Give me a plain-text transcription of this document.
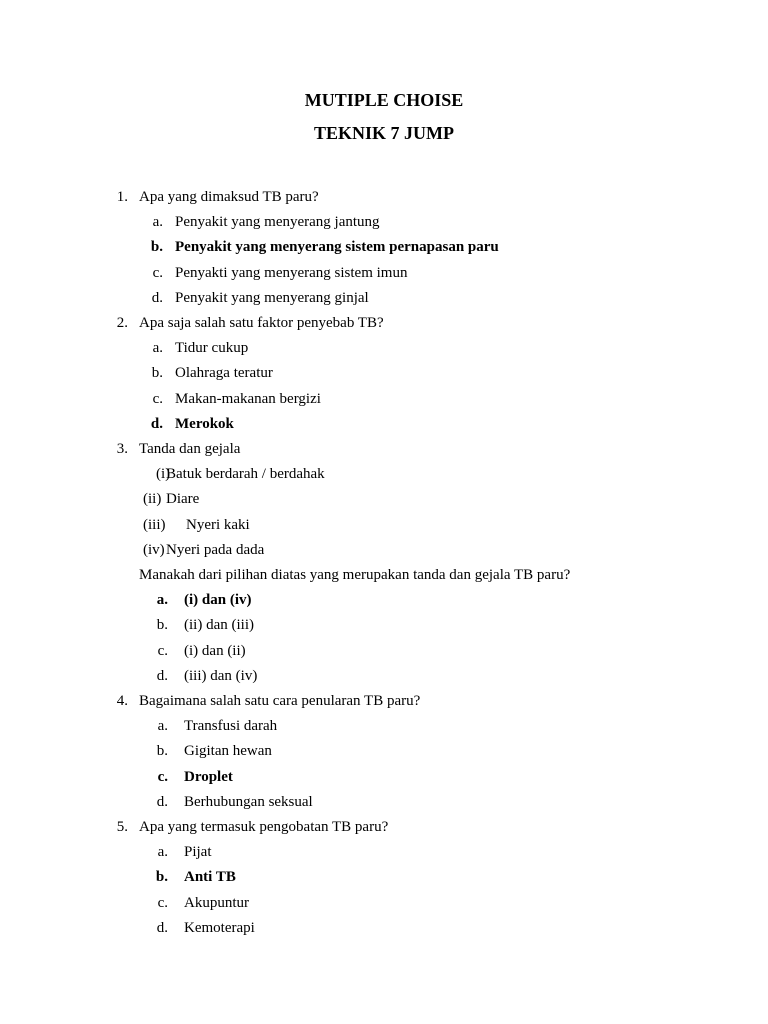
MUTIPLE CHOISE
TEKNIK 7 JUMP
1. Apa yang dimaksud TB paru?
a. Penyakit yang menyerang jantung
b. Penyakit yang menyerang sistem pernapasan paru
c. Penyakti yang menyerang sistem imun
d. Penyakit yang menyerang ginjal
2. Apa saja salah satu faktor penyebab TB?
a. Tidur cukup
b. Olahraga teratur
c. Makan-makanan bergizi
d. Merokok
3. Tanda dan gejala
(i)
Batuk berdarah / berdahak
(ii) Diare
(iii) Nyeri kaki
(iv) Nyeri pada dada
Manakah dari pilihan diatas yang merupakan tanda dan gejala TB paru?
a. (i) dan (iv)
b. (ii) dan (iii)
c. (i) dan (ii)
d. (iii) dan (iv)
4. Bagaimana salah satu cara penularan TB paru?
a. Transfusi darah
b. Gigitan hewan
c. Droplet
d. Berhubungan seksual
5. Apa yang termasuk pengobatan TB paru?
a. Pijat
b. Anti TB
c. Akupuntur
d. Kemoterapi
